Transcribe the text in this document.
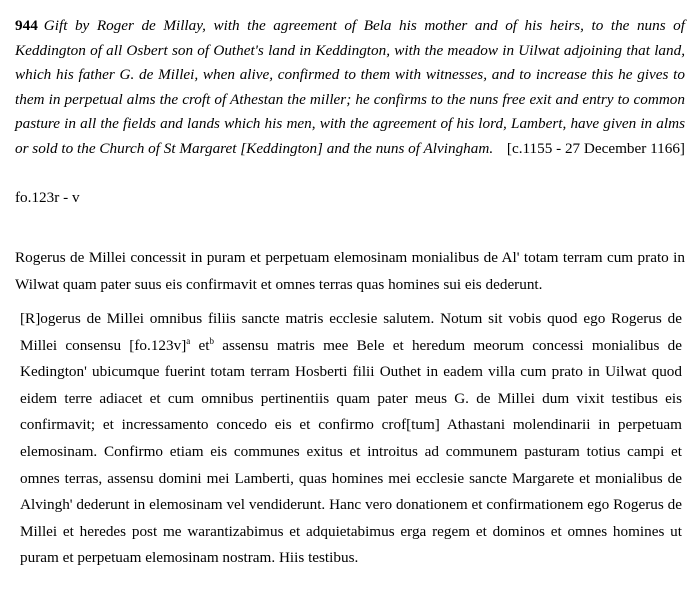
944 Gift by Roger de Millay, with the agreement of Bela his mother and of his heirs, to the nuns of Keddington of all Osbert son of Outhet's land in Keddington, with the meadow in Uilwat adjoining that land, which his father G. de Millei, when alive, confirmed to them with witnesses, and to increase this he gives to them in perpetual alms the croft of Athestan the miller; he confirms to the nuns free exit and entry to common pasture in all the fields and lands which his men, with the agreement of his lord, Lambert, have given in alms or sold to the Church of St Margaret [Keddington] and the nuns of Alvingham. [c.1155 - 27 December 1166]
fo.123r - v
Rogerus de Millei concessit in puram et perpetuam elemosinam monialibus de Al' totam terram cum prato in Wilwat quam pater suus eis confirmavit et omnes terras quas homines sui eis dederunt.
[R]ogerus de Millei omnibus filiis sancte matris ecclesie salutem. Notum sit vobis quod ego Rogerus de Millei consensu $[fo.123v]^a$ $et^b$ assensu matris mee Bele et heredum meorum concessi monialibus de Kedington' ubicumque fuerint totam terram Hosberti filii Outhet in eadem villa cum prato in Uilwat quod eidem terre adiacet et cum omnibus pertinentiis quam pater meus G. de Millei dum vixit testibus eis confirmavit; et incressamento concedo eis et confirmo crof[tum] Athastani molendinarii in perpetuam elemosinam. Confirmo etiam eis communes exitus et introitus ad communem pasturam totius campi et omnes terras, assensu domini mei Lamberti, quas homines mei ecclesie sancte Margarete et monialibus de Alvingh' dederunt in elemosinam vel vendiderunt. Hanc vero donationem et confirmationem ego Rogerus de Millei et heredes post me warantizabimus et adquietabimus erga regem et dominos et omnes homines ut puram et perpetuam elemosinam nostram. Hiis testibus.
